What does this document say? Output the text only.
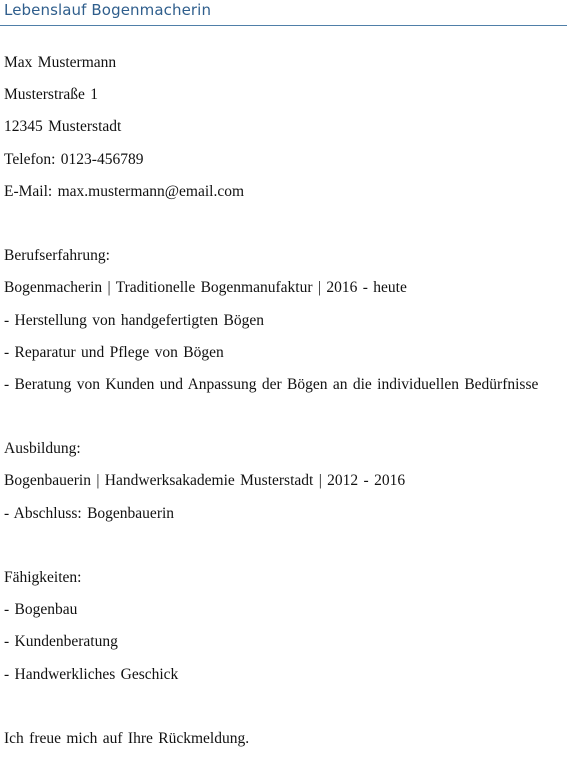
Lebenslauf Bogenmacherin
Max Mustermann
Musterstraße 1
12345 Musterstadt
Telefon: 0123-456789
E-Mail: max.mustermann@email.com
Berufserfahrung:
Bogenmacherin | Traditionelle Bogenmanufaktur | 2016 - heute
- Herstellung von handgefertigten Bögen
- Reparatur und Pflege von Bögen
- Beratung von Kunden und Anpassung der Bögen an die individuellen Bedürfnisse
Ausbildung:
Bogenbauerin | Handwerksakademie Musterstadt | 2012 - 2016
- Abschluss: Bogenbauerin
Fähigkeiten:
- Bogenbau
- Kundenberatung
- Handwerkliches Geschick
Ich freue mich auf Ihre Rückmeldung.
